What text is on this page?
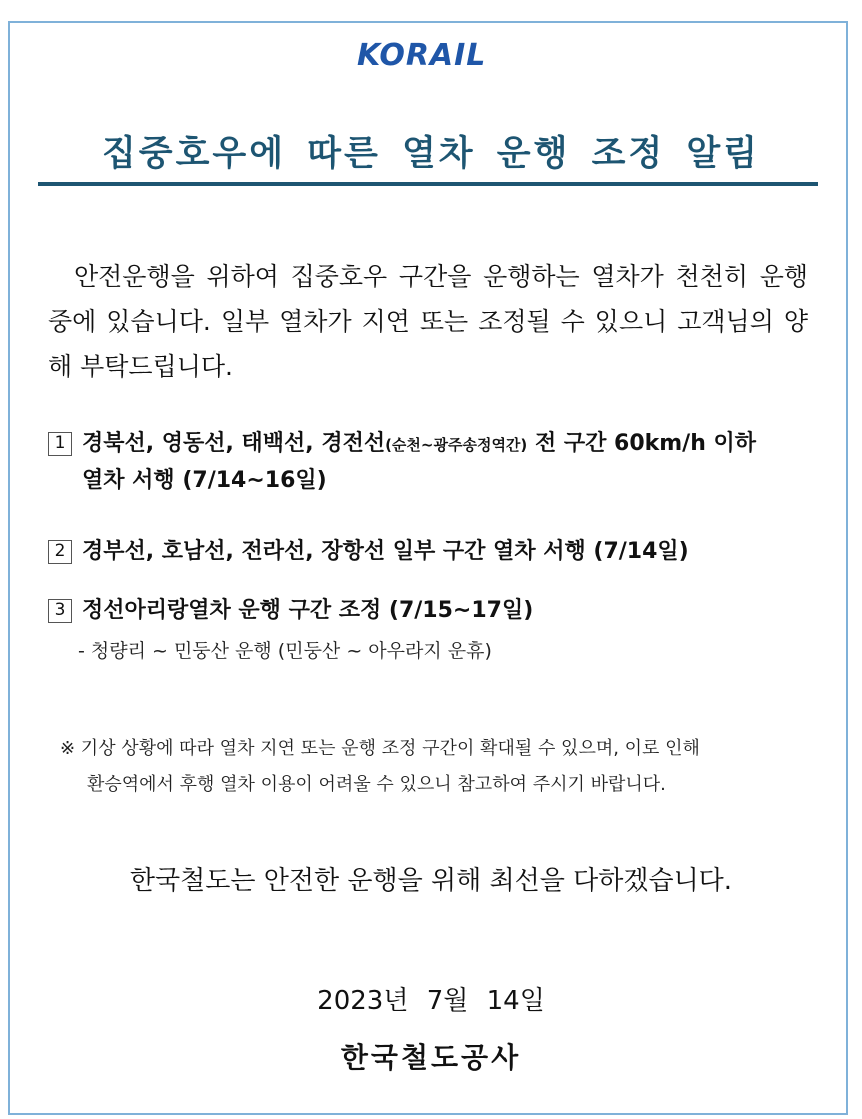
KORAIL
집중호우에 따른 열차 운행 조정 알림
안전운행을 위하여 집중호우 구간을 운행하는 열차가 천천히 운행 중에 있습니다. 일부 열차가 지연 또는 조정될 수 있으니 고객님의 양해 부탁드립니다.
1 경북선, 영동선, 태백선, 경전선(순천~광주송정역간) 전 구간 60km/h 이하
열차 서행 (7/14~16일)
2 경부선, 호남선, 전라선, 장항선 일부 구간 열차 서행 (7/14일)
3 정선아리랑열차 운행 구간 조정 (7/15~17일)
- 청량리 ~ 민둥산 운행 (민둥산 ~ 아우라지 운휴)
※ 기상 상황에 따라 열차 지연 또는 운행 조정 구간이 확대될 수 있으며, 이로 인해
환승역에서 후행 열차 이용이 어려울 수 있으니 참고하여 주시기 바랍니다.
한국철도는 안전한 운행을 위해 최선을 다하겠습니다.
2023년 7월 14일
한국철도공사
